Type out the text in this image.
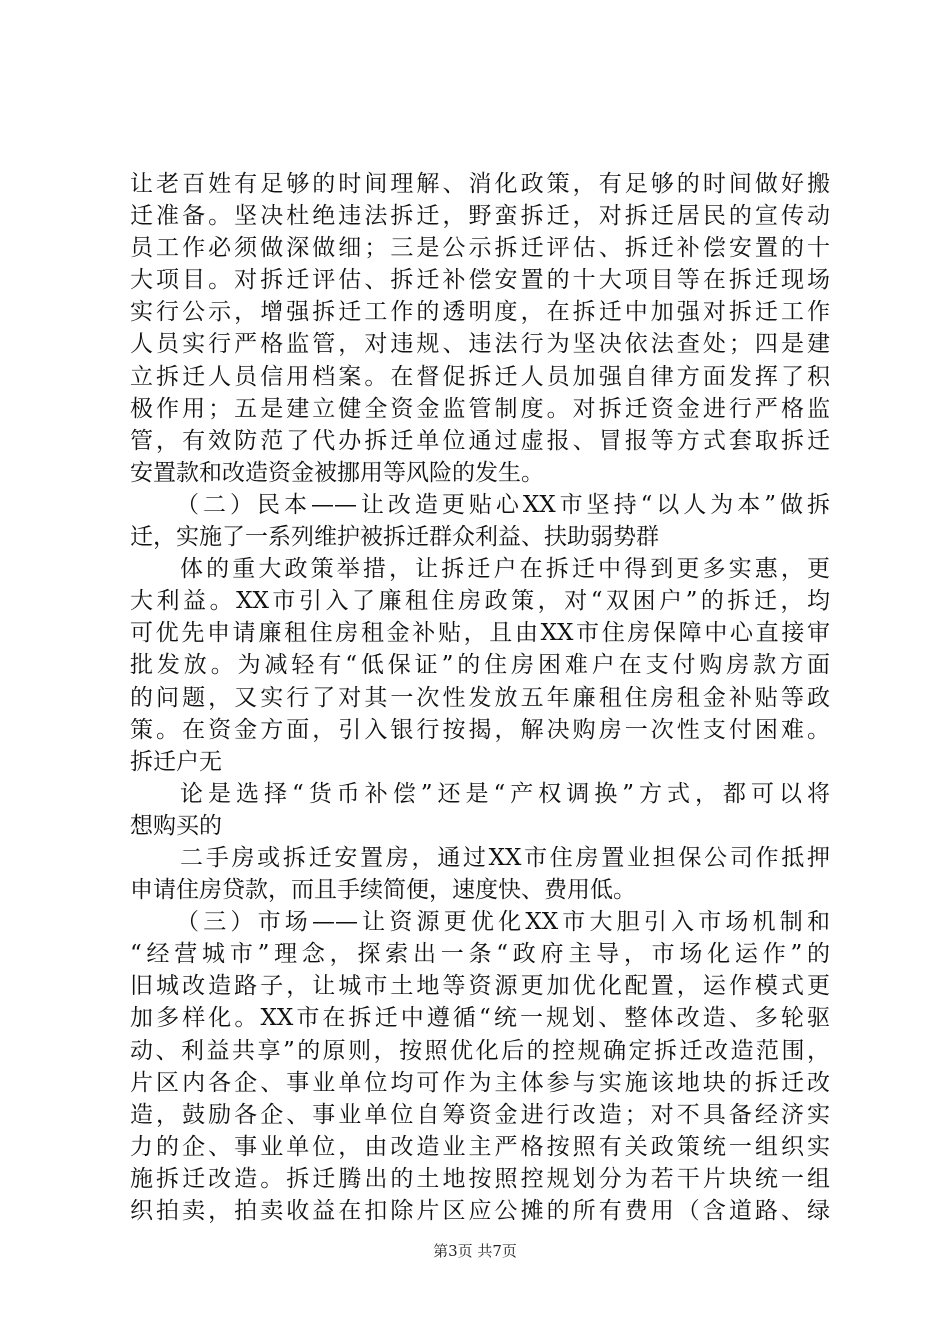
让老百姓有足够的时间理解、消化政策，有足够的时间做好搬
迁准备。坚决杜绝违法拆迁，野蛮拆迁，对拆迁居民的宣传动
员工作必须做深做细；三是公示拆迁评估、拆迁补偿安置的十
大项目。对拆迁评估、拆迁补偿安置的十大项目等在拆迁现场
实行公示，增强拆迁工作的透明度，在拆迁中加强对拆迁工作
人员实行严格监管，对违规、违法行为坚决依法查处；四是建
立拆迁人员信用档案。在督促拆迁人员加强自律方面发挥了积
极作用；五是建立健全资金监管制度。对拆迁资金进行严格监
管，有效防范了代办拆迁单位通过虚报、冒报等方式套取拆迁
安置款和改造资金被挪用等风险的发生。
（二）民本——让改造更贴心XX市坚持“以人为本”做拆
迁，实施了一系列维护被拆迁群众利益、扶助弱势群
体的重大政策举措，让拆迁户在拆迁中得到更多实惠，更
大利益。XX市引入了廉租住房政策，对“双困户”的拆迁，均
可优先申请廉租住房租金补贴，且由XX市住房保障中心直接审
批发放。为减轻有“低保证”的住房困难户在支付购房款方面
的问题，又实行了对其一次性发放五年廉租住房租金补贴等政
策。在资金方面，引入银行按揭，解决购房一次性支付困难。
拆迁户无
论是选择“货币补偿”还是“产权调换”方式，都可以将
想购买的
二手房或拆迁安置房，通过XX市住房置业担保公司作抵押
申请住房贷款，而且手续简便，速度快、费用低。
（三）市场——让资源更优化XX市大胆引入市场机制和
“经营城市”理念，探索出一条“政府主导，市场化运作”的
旧城改造路子，让城市土地等资源更加优化配置，运作模式更
加多样化。XX市在拆迁中遵循“统一规划、整体改造、多轮驱
动、利益共享”的原则，按照优化后的控规确定拆迁改造范围，
片区内各企、事业单位均可作为主体参与实施该地块的拆迁改
造，鼓励各企、事业单位自筹资金进行改造；对不具备经济实
力的企、事业单位，由改造业主严格按照有关政策统一组织实
施拆迁改造。拆迁腾出的土地按照控规划分为若干片块统一组
织拍卖，拍卖收益在扣除片区应公摊的所有费用（含道路、绿
第3页 共7页
